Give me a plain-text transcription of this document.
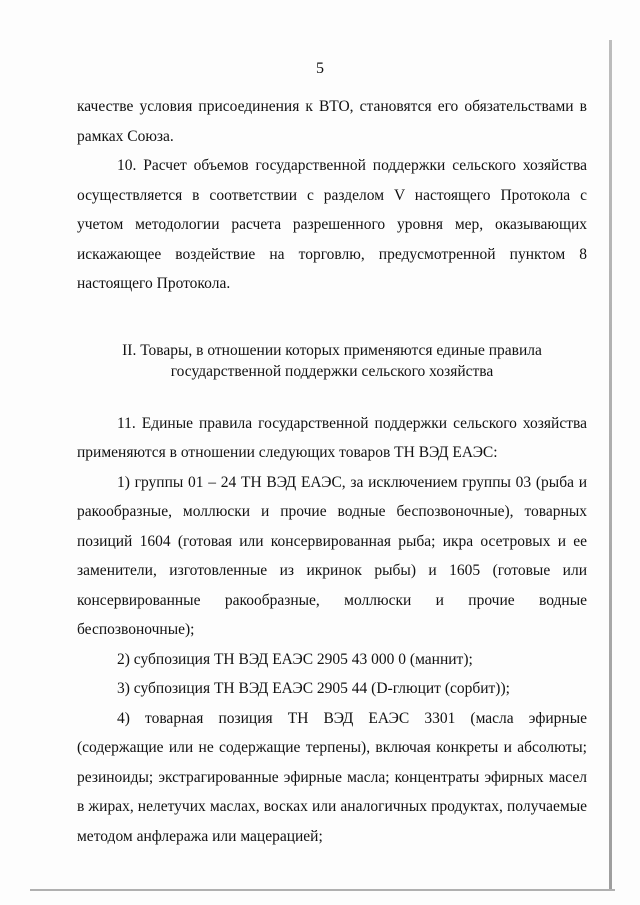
5

качестве условия присоединения к ВТО, становятся его обязательствами в рамках Союза.

10. Расчет объемов государственной поддержки сельского хозяйства осуществляется в соответствии с разделом V настоящего Протокола с учетом методологии расчета разрешенного уровня мер, оказывающих искажающее воздействие на торговлю, предусмотренной пунктом 8 настоящего Протокола.

II. Товары, в отношении которых применяются единые правила
государственной поддержки сельского хозяйства

11. Единые правила государственной поддержки сельского хозяйства применяются в отношении следующих товаров ТН ВЭД ЕАЭС:

1) группы 01 – 24 ТН ВЭД ЕАЭС, за исключением группы 03 (рыба и ракообразные, моллюски и прочие водные беспозвоночные), товарных позиций 1604 (готовая или консервированная рыба; икра осетровых и ее заменители, изготовленные из икринок рыбы) и 1605 (готовые или консервированные ракообразные, моллюски и прочие водные беспозвоночные);

2) субпозиция ТН ВЭД ЕАЭС 2905 43 000 0 (маннит);

3) субпозиция ТН ВЭД ЕАЭС 2905 44 (D-глюцит (сорбит));

4) товарная позиция ТН ВЭД ЕАЭС 3301 (масла эфирные (содержащие или не содержащие терпены), включая конкреты и абсолюты; резиноиды; экстрагированные эфирные масла; концентраты эфирных масел в жирах, нелетучих маслах, восках или аналогичных продуктах, получаемые методом анфлеража или мацерацией;
